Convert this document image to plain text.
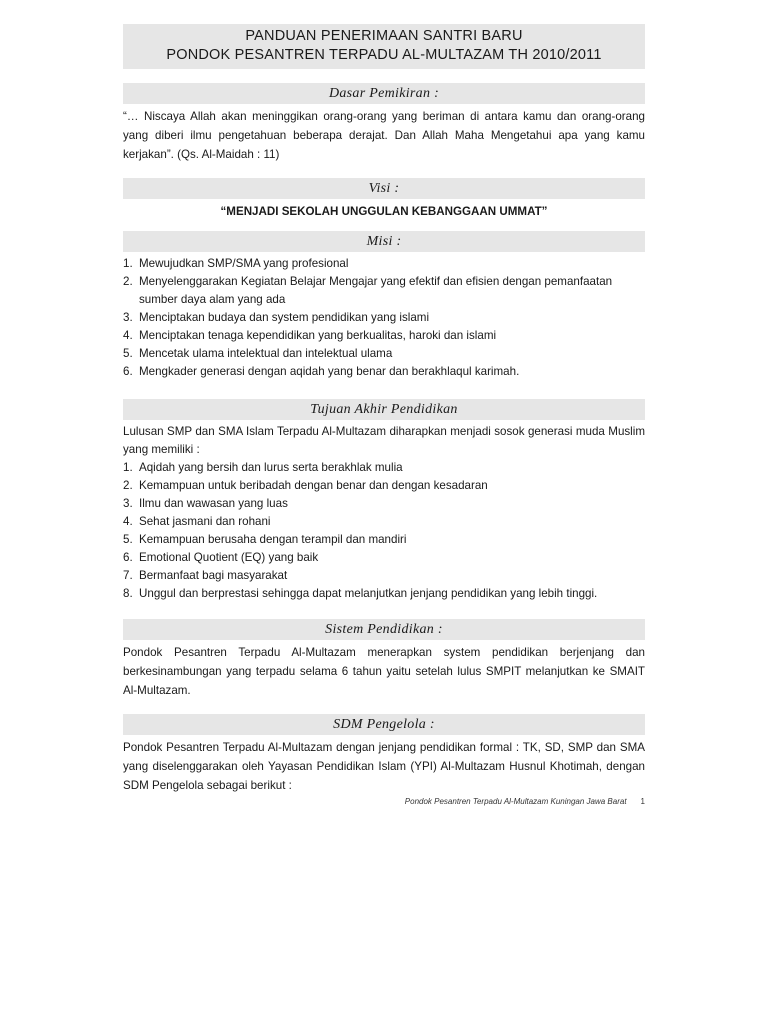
PANDUAN PENERIMAAN SANTRI BARU
PONDOK PESANTREN TERPADU AL-MULTAZAM TH 2010/2011
Dasar Pemikiran :
“… Niscaya Allah akan meninggikan orang-orang yang beriman di antara kamu dan orang-orang yang diberi ilmu pengetahuan beberapa derajat. Dan Allah Maha Mengetahui apa yang kamu kerjakan”. (Qs. Al-Maidah : 11)
Visi :
“MENJADI SEKOLAH UNGGULAN KEBANGGAAN UMMAT”
Misi :
1. Mewujudkan SMP/SMA yang profesional
2. Menyelenggarakan Kegiatan Belajar Mengajar yang efektif dan efisien dengan pemanfaatan sumber daya alam yang ada
3. Menciptakan budaya dan system pendidikan yang islami
4. Menciptakan tenaga kependidikan yang berkualitas, haroki dan islami
5. Mencetak ulama intelektual dan intelektual ulama
6. Mengkader generasi dengan aqidah yang benar dan berakhlaqul karimah.
Tujuan Akhir Pendidikan
Lulusan SMP dan SMA Islam Terpadu Al-Multazam diharapkan menjadi sosok generasi muda Muslim yang memiliki :
1. Aqidah yang bersih dan lurus serta berakhlak mulia
2. Kemampuan untuk beribadah dengan benar dan dengan kesadaran
3. Ilmu dan wawasan yang luas
4. Sehat jasmani dan rohani
5. Kemampuan berusaha dengan terampil dan mandiri
6. Emotional Quotient (EQ) yang baik
7. Bermanfaat bagi masyarakat
8. Unggul dan berprestasi sehingga dapat melanjutkan jenjang pendidikan yang lebih tinggi.
Sistem Pendidikan :
Pondok Pesantren Terpadu Al-Multazam menerapkan system pendidikan berjenjang dan berkesinambungan yang terpadu selama 6 tahun yaitu setelah lulus SMPIT melanjutkan ke SMAIT Al-Multazam.
SDM Pengelola :
Pondok Pesantren Terpadu Al-Multazam dengan jenjang pendidikan formal : TK, SD, SMP dan SMA yang diselenggarakan oleh Yayasan Pendidikan Islam (YPI) Al-Multazam Husnul Khotimah, dengan SDM Pengelola sebagai berikut :
Pondok Pesantren Terpadu Al-Multazam Kuningan Jawa Barat 1
